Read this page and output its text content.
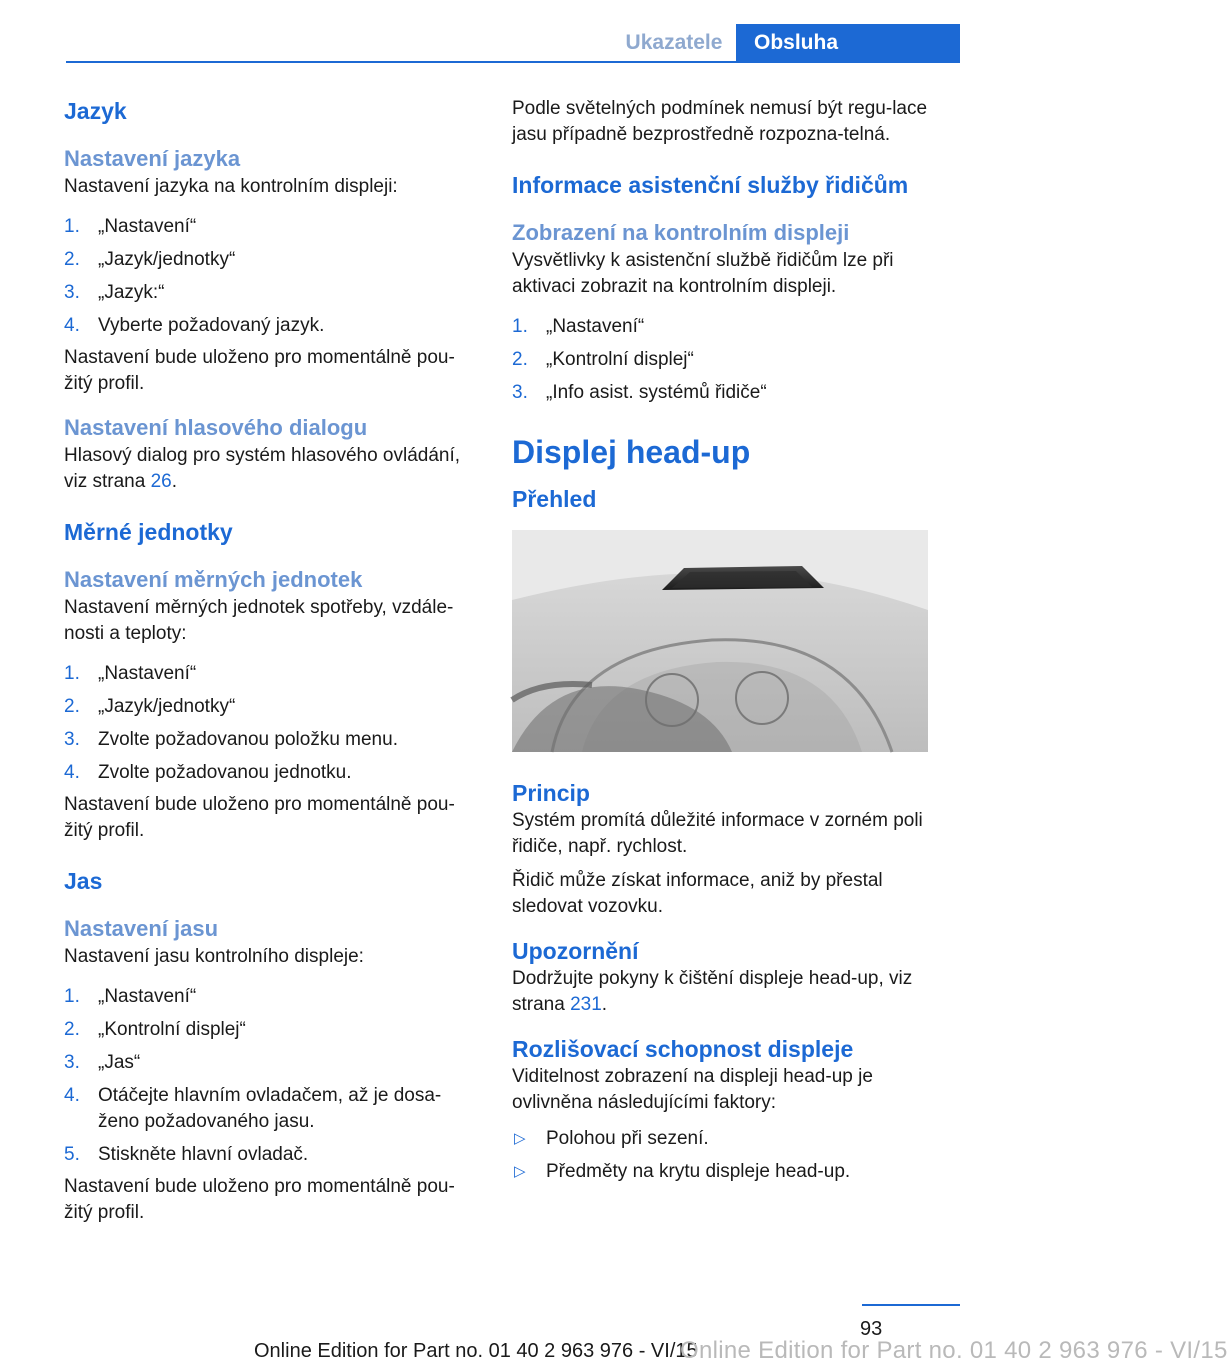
Ukazatele	Obsluha
Jazyk
Nastavení jazyka

Nastavení jazyka na kontrolním displeji:

1. „Nastavení“
2. „Jazyk/jednotky“
3. „Jazyk:“
4. Vyberte požadovaný jazyk.

Nastavení bude uloženo pro momentálně pou‐žitý profil.

Nastavení hlasového dialogu

Hlasový dialog pro systém hlasového ovládání, viz strana 26.

Měrné jednotky
Nastavení měrných jednotek

Nastavení měrných jednotek spotřeby, vzdále‐nosti a teploty:

1. „Nastavení“
2. „Jazyk/jednotky“
3. Zvolte požadovanou položku menu.
4. Zvolte požadovanou jednotku.

Nastavení bude uloženo pro momentálně pou‐žitý profil.

Jas
Nastavení jasu

Nastavení jasu kontrolního displeje:

1. „Nastavení“
2. „Kontrolní displej“
3. „Jas“
4. Otáčejte hlavním ovladačem, až je dosa‐ženo požadovaného jasu.
5. Stiskněte hlavní ovladač.

Nastavení bude uloženo pro momentálně pou‐žitý profil.

Podle světelných podmínek nemusí být regu‐lace jasu případně bezprostředně rozpozna‐telná.

Informace asistenční služby řidičům
Zobrazení na kontrolním displeji

Vysvětlivky k asistenční službě řidičům lze při aktivaci zobrazit na kontrolním displeji.

1. „Nastavení“
2. „Kontrolní displej“
3. „Info asist. systémů řidiče“
Displej head-up
Přehled
Princip

Systém promítá důležité informace v zorném poli řidiče, např. rychlost.

Řidič může získat informace, aniž by přestal sledovat vozovku.

Upozornění

Dodržujte pokyny k čištění displeje head-up, viz strana 231.

Rozlišovací schopnost displeje

Viditelnost zobrazení na displeji head-up je ovlivněna následujícími faktory:

▷ Polohou při sezení.
▷ Předměty na krytu displeje head-up.
93
Online Edition for Part no. 01 40 2 963 976 - VI/15
Online Edition for Part no. 01 40 2 963 976 - VI/15
